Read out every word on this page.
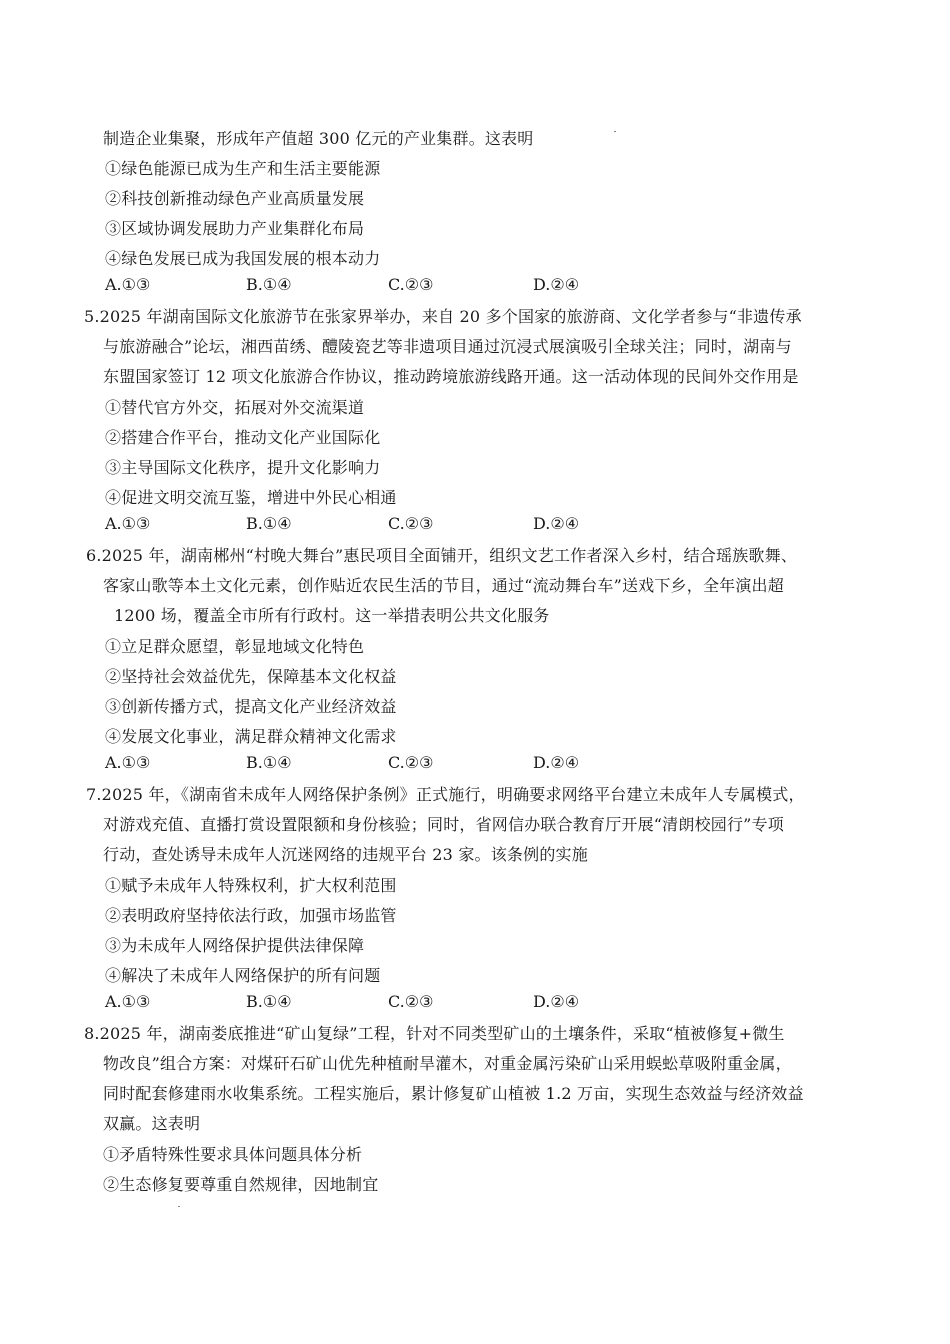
制造企业集聚，形成年产值超 300 亿元的产业集群。这表明
①绿色能源已成为生产和生活主要能源
②科技创新推动绿色产业高质量发展
③区域协调发展助力产业集群化布局
④绿色发展已成为我国发展的根本动力
A.①③	B.①④	C.②③	D.②④
5.2025 年湖南国际文化旅游节在张家界举办，来自 20 多个国家的旅游商、文化学者参与“非遗传承
与旅游融合”论坛，湘西苗绣、醴陵瓷艺等非遗项目通过沉浸式展演吸引全球关注；同时，湖南与
东盟国家签订 12 项文化旅游合作协议，推动跨境旅游线路开通。这一活动体现的民间外交作用是
①替代官方外交，拓展对外交流渠道
②搭建合作平台，推动文化产业国际化
③主导国际文化秩序，提升文化影响力
④促进文明交流互鉴，增进中外民心相通
A.①③	B.①④	C.②③	D.②④
6.2025 年，湖南郴州“村晚大舞台”惠民项目全面铺开，组织文艺工作者深入乡村，结合瑶族歌舞、
客家山歌等本土文化元素，创作贴近农民生活的节目，通过“流动舞台车”送戏下乡，全年演出超
1200 场，覆盖全市所有行政村。这一举措表明公共文化服务
①立足群众愿望，彰显地域文化特色
②坚持社会效益优先，保障基本文化权益
③创新传播方式，提高文化产业经济效益
④发展文化事业，满足群众精神文化需求
A.①③	B.①④	C.②③	D.②④
7.2025 年，《湖南省未成年人网络保护条例》正式施行，明确要求网络平台建立未成年人专属模式，
对游戏充值、直播打赏设置限额和身份核验；同时，省网信办联合教育厅开展“清朗校园行”专项
行动，查处诱导未成年人沉迷网络的违规平台 23 家。该条例的实施
①赋予未成年人特殊权利，扩大权利范围
②表明政府坚持依法行政，加强市场监管
③为未成年人网络保护提供法律保障
④解决了未成年人网络保护的所有问题
A.①③	B.①④	C.②③	D.②④
8.2025 年，湖南娄底推进“矿山复绿”工程，针对不同类型矿山的土壤条件，采取“植被修复+微生
物改良”组合方案：对煤矸石矿山优先种植耐旱灌木，对重金属污染矿山采用蜈蚣草吸附重金属，
同时配套修建雨水收集系统。工程实施后，累计修复矿山植被 1.2 万亩，实现生态效益与经济效益
双赢。这表明
①矛盾特殊性要求具体问题具体分析
②生态修复要尊重自然规律，因地制宜
